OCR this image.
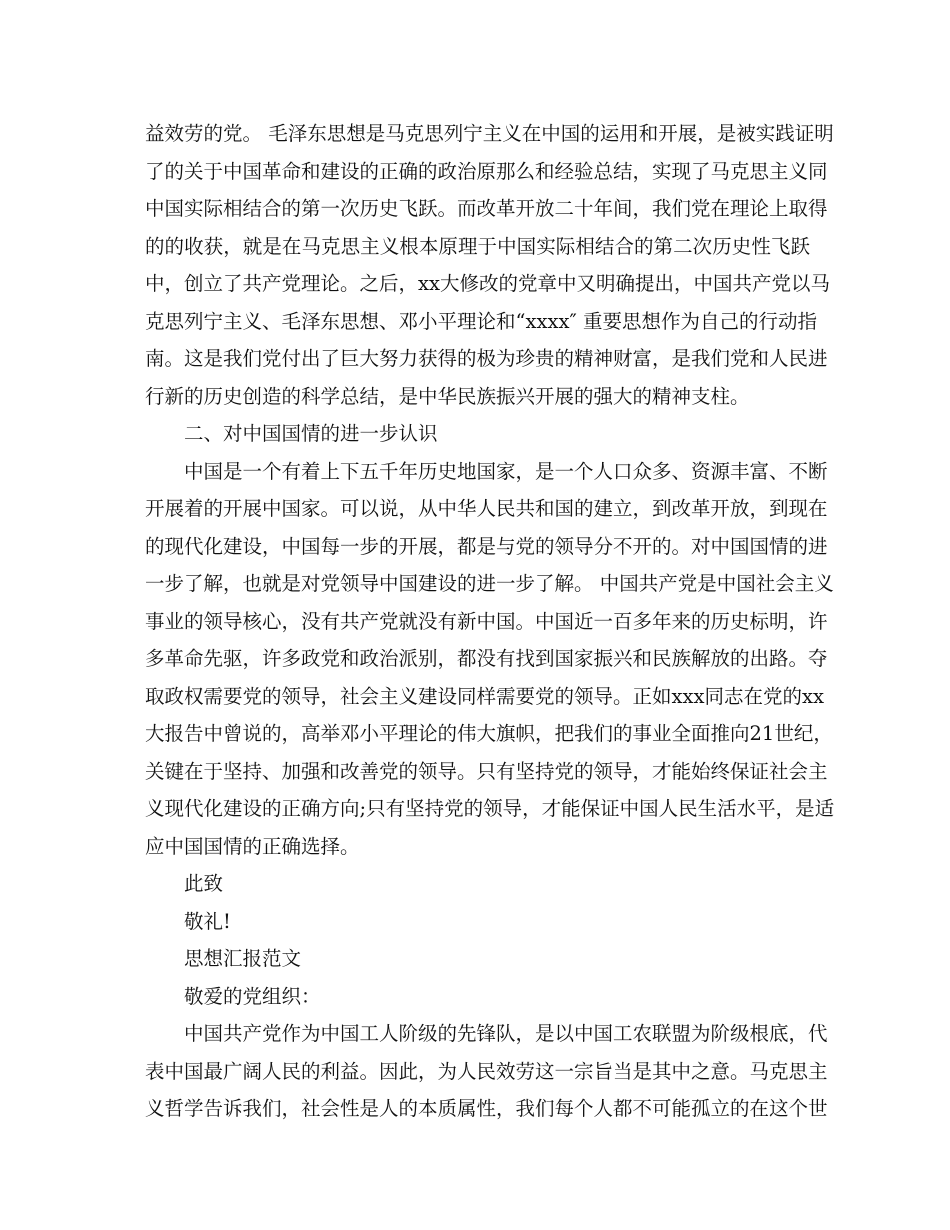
益效劳的党。 毛泽东思想是马克思列宁主义在中国的运用和开展，是被实践证明
了的关于中国革命和建设的正确的政治原那么和经验总结，实现了马克思主义同
中国实际相结合的第一次历史飞跃。而改革开放二十年间，我们党在理论上取得
的的收获，就是在马克思主义根本原理于中国实际相结合的第二次历史性飞跃
中，创立了共产党理论。之后，xx大修改的党章中又明确提出，中国共产党以马
克思列宁主义、毛泽东思想、邓小平理论和“xxxx″ 重要思想作为自己的行动指
南。这是我们党付出了巨大努力获得的极为珍贵的精神财富，是我们党和人民进
行新的历史创造的科学总结，是中华民族振兴开展的强大的精神支柱。
二、对中国国情的进一步认识
中国是一个有着上下五千年历史地国家，是一个人口众多、资源丰富、不断
开展着的开展中国家。可以说，从中华人民共和国的建立，到改革开放，到现在
的现代化建设，中国每一步的开展，都是与党的领导分不开的。对中国国情的进
一步了解，也就是对党领导中国建设的进一步了解。 中国共产党是中国社会主义
事业的领导核心，没有共产党就没有新中国。中国近一百多年来的历史标明，许
多革命先驱，许多政党和政治派别，都没有找到国家振兴和民族解放的出路。夺
取政权需要党的领导，社会主义建设同样需要党的领导。正如xxx同志在党的xx
大报告中曾说的，高举邓小平理论的伟大旗帜，把我们的事业全面推向21世纪，
关键在于坚持、加强和改善党的领导。只有坚持党的领导，才能始终保证社会主
义现代化建设的正确方向;只有坚持党的领导，才能保证中国人民生活水平，是适
应中国国情的正确选择。
此致
敬礼!
思想汇报范文
敬爱的党组织：
中国共产党作为中国工人阶级的先锋队，是以中国工农联盟为阶级根底，代
表中国最广阔人民的利益。因此，为人民效劳这一宗旨当是其中之意。马克思主
义哲学告诉我们，社会性是人的本质属性，我们每个人都不可能孤立的在这个世
